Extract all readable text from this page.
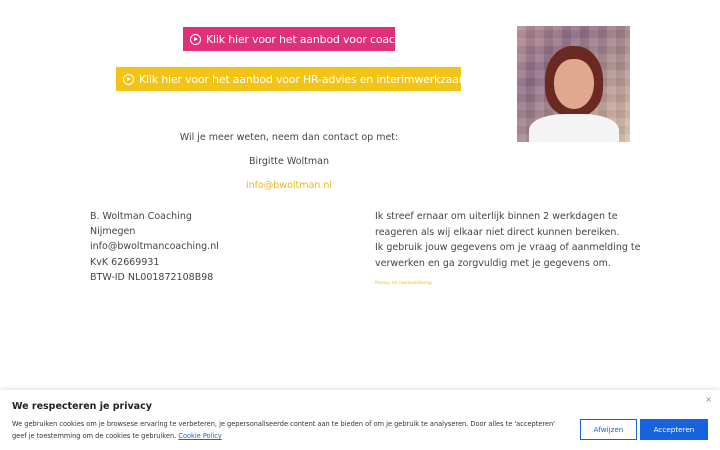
Klik hier voor het aanbod voor coaching
Klik hier voor het aanbod voor HR-advies en interimwerkzaamheden

Wil je meer weten, neem dan contact op met:

Birgitte Woltman

info@bwoltman.nl
B. Woltman Coaching
Nijmegen
info@bwoltmancoaching.nl
KvK 62669931
BTW-ID NL001872108B98

Ik streef ernaar om uiterlijk binnen 2 werkdagen te reageren als wij elkaar niet direct kunnen bereiken.

Ik gebruik jouw gegevens om je vraag of aanmelding te verwerken en ga zorgvuldig met je gegevens om.

Privacy- en cookieverklaring
We respecteren je privacy
×

We gebruiken cookies om je browsese ervaring te verbeteren, je gepersonaliseerde content aan te bieden of om je gebruik te analyseren. Door alles te 'accepteren' geef je toestemming om de cookies te gebruiken. Cookie Policy

Afwijzen	Accepteren
